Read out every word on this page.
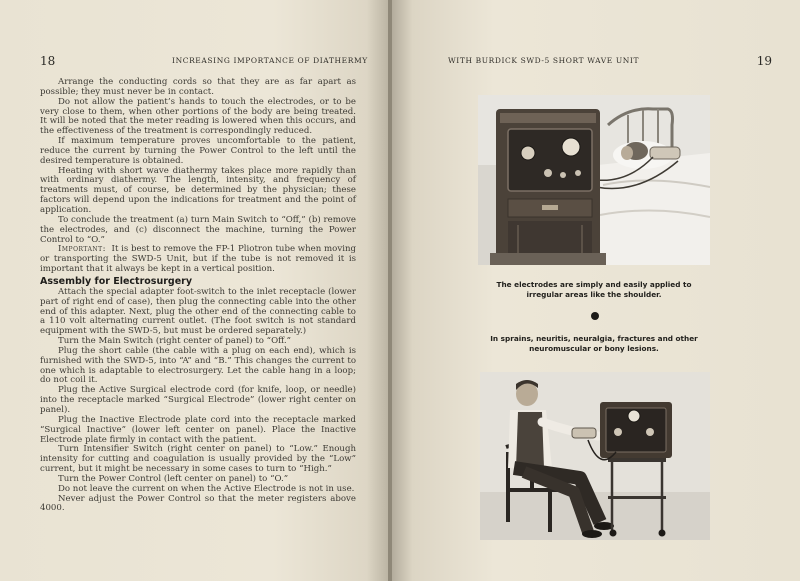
18	INCREASING IMPORTANCE OF DIATHERMY

Arrange the conducting cords so that they are as far apart as possible; they must never be in contact.

Do not allow the patient’s hands to touch the electrodes, or to be very close to them, when other portions of the body are being treated. It will be noted that the meter reading is lowered when this occurs, and the effectiveness of the treatment is correspondingly reduced.

If maximum temperature proves uncomfortable to the patient, reduce the current by turning the Power Control to the left until the desired temperature is obtained.

Heating with short wave diathermy takes place more rapidly than with ordinary diathermy. The length, intensity, and frequency of treatments must, of course, be determined by the physician; these factors will depend upon the indications for treatment and the point of application.

To conclude the treatment (a) turn Main Switch to “Off,” (b) remove the electrodes, and (c) disconnect the machine, turning the Power Control to “O.”

Important: It is best to remove the FP-1 Pliotron tube when moving or transporting the SWD-5 Unit, but if the tube is not removed it is important that it always be kept in a vertical position.

Assembly for Electrosurgery

Attach the special adapter foot-switch to the inlet receptacle (lower part of right end of case), then plug the connecting cable into the other end of this adapter. Next, plug the other end of the connecting cable to a 110 volt alternating current outlet. (The foot switch is not standard equipment with the SWD-5, but must be ordered separately.)

Turn the Main Switch (right center of panel) to “Off.”

Plug the short cable (the cable with a plug on each end), which is furnished with the SWD-5, into “A” and “B.” This changes the current to one which is adaptable to electrosurgery. Let the cable hang in a loop; do not coil it.

Plug the Active Surgical electrode cord (for knife, loop, or needle) into the receptacle marked “Surgical Electrode” (lower right center on panel).

Plug the Inactive Electrode plate cord into the receptacle marked “Surgical Inactive” (lower left center on panel). Place the Inactive Electrode plate firmly in contact with the patient.

Turn Intensifier Switch (right center on panel) to “Low.” Enough intensity for cutting and coagulation is usually provided by the “Low” current, but it might be necessary in some cases to turn to “High.”

Turn the Power Control (left center on panel) to “O.”

Do not leave the current on when the Active Electrode is not in use.

Never adjust the Power Control so that the meter registers above 4000.

WITH BURDICK SWD-5 SHORT WAVE UNIT	19
The electrodes are simply and easily applied to irregular areas like the shoulder.
In sprains, neuritis, neuralgia, fractures and other neuromuscular or bony lesions.
